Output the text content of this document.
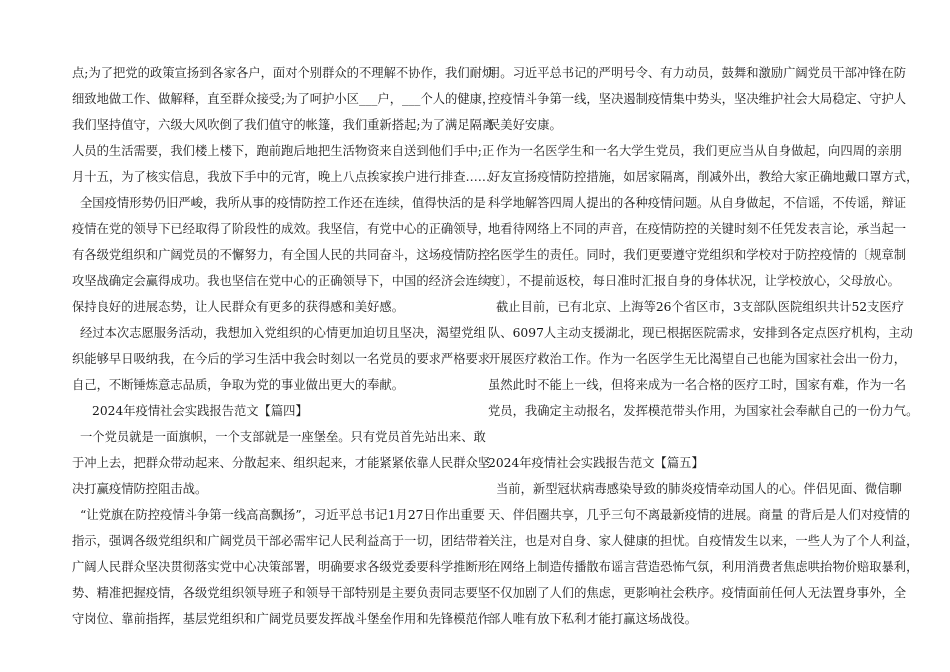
点;为了把党的政策宣扬到各家各户，面对个别群众的不理解不协作，我们耐烦
细致地做工作、做解释，直至群众接受;为了呵护小区___户，___个人的健康，
我们坚持值守，六级大风吹倒了我们值守的帐篷，我们重新搭起;为了满足隔离
人员的生活需要，我们楼上楼下，跑前跑后地把生活物资来自送到他们手中;正
月十五，为了核实信息，我放下手中的元宵，晚上八点挨家挨户进行排查……
全国疫情形势仍旧严峻，我所从事的疫情防控工作还在连续，值得快活的是
疫情在党的领导下已经取得了阶段性的成效。我坚信，有党中心的正确领导，
有各级党组织和广阔党员的不懈努力，有全国人民的共同奋斗，这场疫情防控
攻坚战确定会赢得成功。我也坚信在党中心的正确领导下，中国的经济会连续
保持良好的进展态势，让人民群众有更多的获得感和美好感。
经过本次志愿服务活动，我想加入党组织的心情更加迫切且坚决，渴望党组
织能够早日吸纳我，在今后的学习生活中我会时刻以一名党员的要求严格要求
自己，不断锤炼意志品质，争取为党的事业做出更大的奉献。
2024年疫情社会实践报告范文【篇四】
一个党员就是一面旗帜，一个支部就是一座堡垒。只有党员首先站出来、敢
于冲上去，把群众带动起来、分散起来、组织起来，才能紧紧依靠人民群众坚
决打赢疫情防控阻击战。
“让党旗在防控疫情斗争第一线高高飘扬”，习近平总书记1月27日作出重要
指示，强调各级党组织和广阔党员干部必需牢记人民利益高于一切，团结带着
广阔人民群众坚决贯彻落实党中心决策部署，明确要求各级党委要科学推断形
势、精准把握疫情，各级党组织领导班子和领导干部特别是主要负责同志要坚
守岗位、靠前指挥，基层党组织和广阔党员要发挥战斗堡垒作用和先锋模范作
用。习近平总书记的严明号令、有力动员，鼓舞和激励广阔党员干部冲锋在防
控疫情斗争第一线，坚决遏制疫情集中势头，坚决维护社会大局稳定、守护人
民美好安康。
作为一名医学生和一名大学生党员，我们更应当从自身做起，向四周的亲朋
好友宣扬疫情防控措施，如居家隔离，削减外出，教给大家正确地戴口罩方式，
科学地解答四周人提出的各种疫情问题。从自身做起，不信谣，不传谣，辩证
地看待网络上不同的声音，在疫情防控的关键时刻不任凭发表言论，承当起一
名医学生的责任。同时，我们更要遵守党组织和学校对于防控疫情的〔规章制
度〕，不提前返校，每日准时汇报自身的身体状况，让学校放心，父母放心。
截止目前，已有北京、上海等26个省区市，3支部队医院组织共计52支医疗
队、6097人主动支援湖北，现已根据医院需求，安排到各定点医疗机构，主动
开展医疗救治工作。作为一名医学生无比渴望自己也能为国家社会出一份力，
虽然此时不能上一线，但将来成为一名合格的医疗工时，国家有难，作为一名
党员，我确定主动报名，发挥模范带头作用，为国家社会奉献自己的一份力气。
2024年疫情社会实践报告范文【篇五】
当前，新型冠状病毒感染导致的肺炎疫情牵动国人的心。伴侣见面、微信聊
天、伴侣圈共享，几乎三句不离最新疫情的进展。商量 的背后是人们对疫情的
关注，也是对自身、家人健康的担忧。自疫情发生以来，一些人为了个人利益，
在网络上制造传播散布谣言营造恐怖气氛，利用消费者焦虑哄抬物价赔取暴利，
不仅加剧了人们的焦虑，更影响社会秩序。疫情面前任何人无法置身事外，全
部人唯有放下私利才能打赢这场战役。
